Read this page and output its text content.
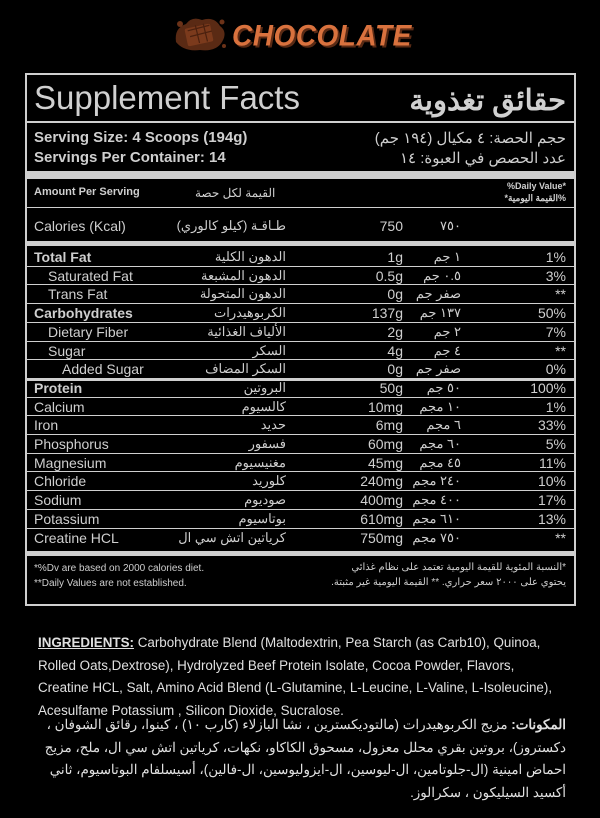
CHOCOLATE
Supplement Facts	حقائق تغذوية
Serving Size: 4 Scoops (194g)	حجم الحصة: ٤ مكيال (١٩٤ جم)
Servings Per Container: 14	عدد الحصص في العبوة: ١٤
Amount Per Serving	القيمة لكل حصة	%Daily Value*
%القيمة اليومية*
Calories (Kcal)	طـاقـة (كيلو كالوري)	750	٧٥٠
Total Fat	الدهون الكلية	1g ١ جم	1%
Saturated Fat	الدهون المشبعة	0.5g ٠.٥ جم	3%
Trans Fat	الدهون المتحولة	0g صفر جم	**
Carbohydrates	الكربوهيدرات	137g ١٣٧ جم	50%
Dietary Fiber	الألياف الغذائية	2g ٢ جم	7%
Sugar	السكر	4g ٤ جم	**
Added Sugar	السكر المضاف	0g صفر جم	0%
Protein	البروتين	50g ٥٠ جم	100%
Calcium	كالسيوم	10mg ١٠ مجم	1%
Iron	حديد	6mg ٦ مجم	33%
Phosphorus	فسفور	60mg ٦٠ مجم	5%
Magnesium	مغنيسيوم	45mg ٤٥ مجم	11%
Chloride	كلوريد	240mg ٢٤٠ مجم	10%
Sodium	صوديوم	400mg ٤٠٠ مجم	17%
Potassium	بوتاسيوم	610mg ٦١٠ مجم	13%
Creatine HCL	كرياتين اتش سي ال	750mg ٧٥٠ مجم	**
*%Dv are based on 2000 calories diet.
**Daily Values are not established.
*النسبة المئوية للقيمة اليومية تعتمد على نظام غذائي
يحتوي على ٢٠٠٠ سعر حراري. ** القيمة اليومية غير مثبتة.
INGREDIENTS: Carbohydrate Blend (Maltodextrin, Pea Starch (as Carb10), Quinoa, Rolled Oats,Dextrose), Hydrolyzed Beef Protein Isolate, Cocoa Powder, Flavors, Creatine HCL, Salt, Amino Acid Blend (L-Glutamine, L-Leucine, L-Valine, L-Isoleucine), Acesulfame Potassium , Silicon Dioxide, Sucralose.
المكونات: مزيج الكربوهيدرات (مالتوديكسترين ، نشا البازلاء (كارب ١٠) ، كينوا، رقائق الشوفان ، دكستروز)، بروتين بقري محلل معزول، مسحوق الكاكاو، نكهات، كرياتين اتش سي ال، ملح، مزيج احماض امينية (ال-جلوتامين، ال-ليوسين، ال-ايزوليوسين، ال-فالين)، أسيسلفام البوتاسيوم، ثاني أكسيد السيليكون ، سكرالوز.
